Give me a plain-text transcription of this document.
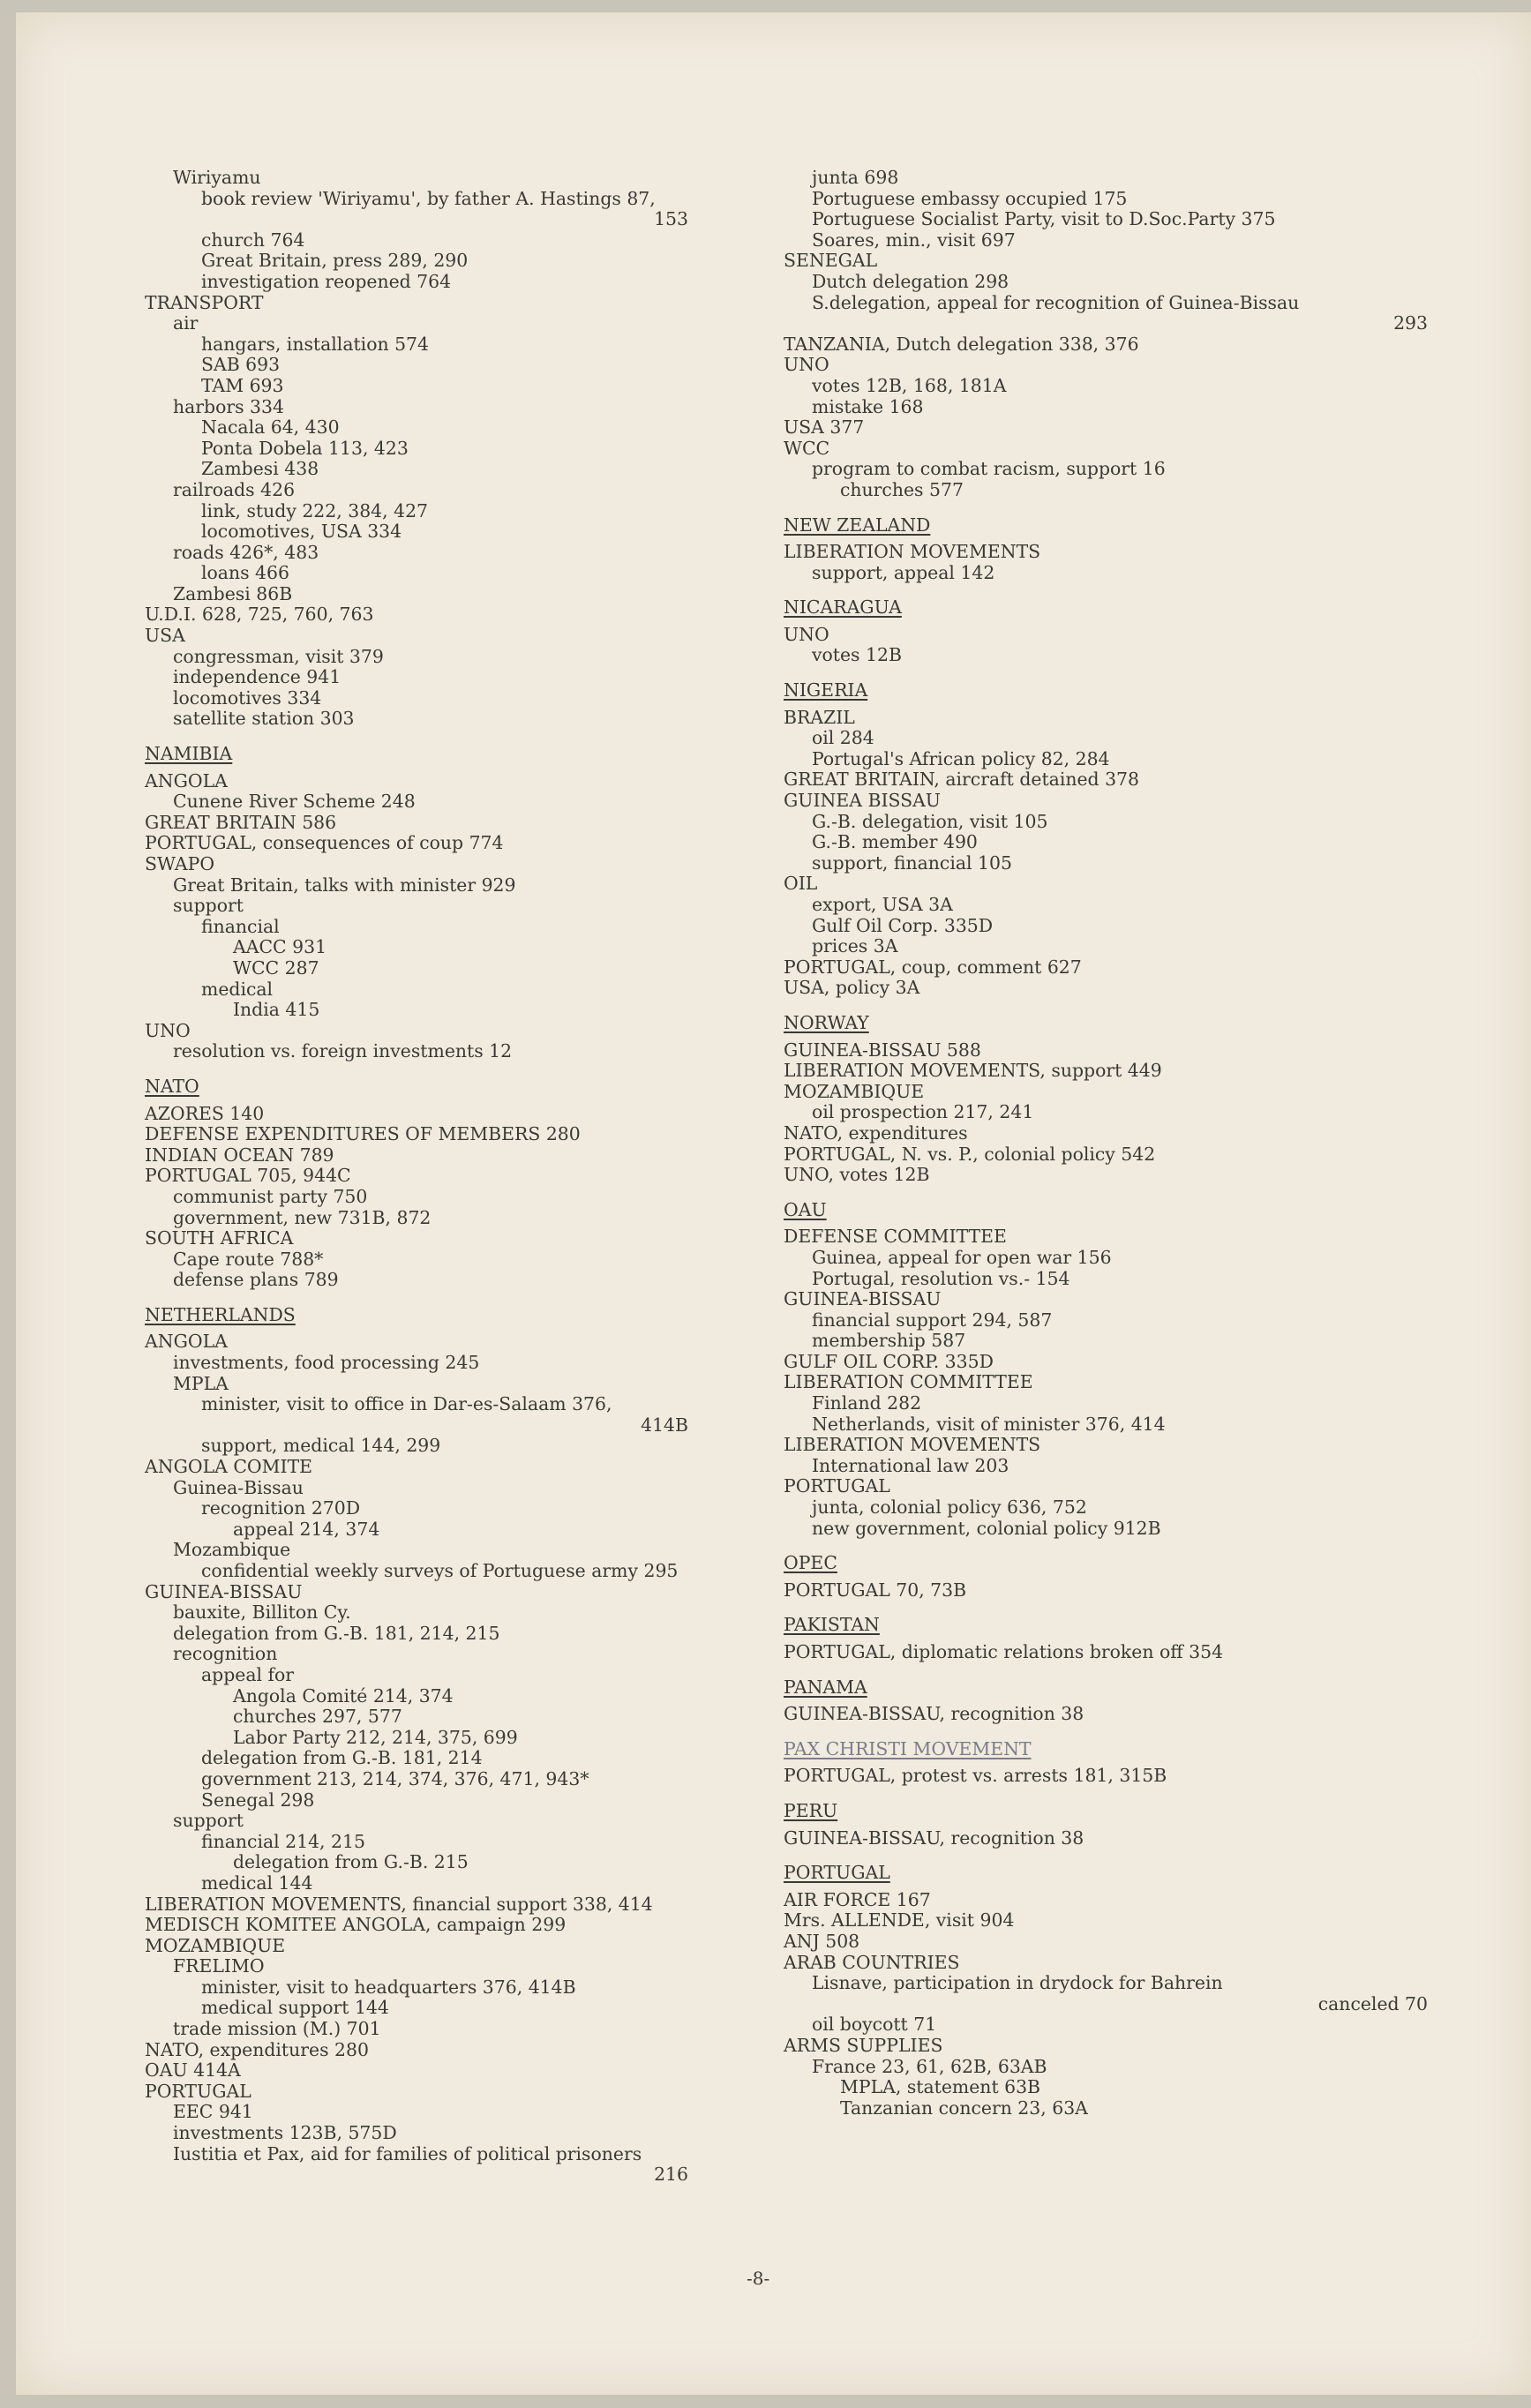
Wiriyamu
book review 'Wiriyamu', by father A. Hastings 87,
153
church 764
Great Britain, press 289, 290
investigation reopened 764
TRANSPORT
air
hangars, installation 574
SAB 693
TAM 693
harbors 334
Nacala 64, 430
Ponta Dobela 113, 423
Zambesi 438
railroads 426
link, study 222, 384, 427
locomotives, USA 334
roads 426*, 483
loans 466
Zambesi 86B
U.D.I. 628, 725, 760, 763
USA
congressman, visit 379
independence 941
locomotives 334
satellite station 303
NAMIBIA
ANGOLA
Cunene River Scheme 248
GREAT BRITAIN 586
PORTUGAL, consequences of coup 774
SWAPO
Great Britain, talks with minister 929
support
financial
AACC 931
WCC 287
medical
India 415
UNO
resolution vs. foreign investments 12
NATO
AZORES 140
DEFENSE EXPENDITURES OF MEMBERS 280
INDIAN OCEAN 789
PORTUGAL 705, 944C
communist party 750
government, new 731B, 872
SOUTH AFRICA
Cape route 788*
defense plans 789
NETHERLANDS
ANGOLA
investments, food processing 245
MPLA
minister, visit to office in Dar-es-Salaam 376,
414B
support, medical 144, 299
ANGOLA COMITE
Guinea-Bissau
recognition 270D
appeal 214, 374
Mozambique
confidential weekly surveys of Portuguese army 295
GUINEA-BISSAU
bauxite, Billiton Cy.
delegation from G.-B. 181, 214, 215
recognition
appeal for
Angola Comité 214, 374
churches 297, 577
Labor Party 212, 214, 375, 699
delegation from G.-B. 181, 214
government 213, 214, 374, 376, 471, 943*
Senegal 298
support
financial 214, 215
delegation from G.-B. 215
medical 144
LIBERATION MOVEMENTS, financial support 338, 414
MEDISCH KOMITEE ANGOLA, campaign 299
MOZAMBIQUE
FRELIMO
minister, visit to headquarters 376, 414B
medical support 144
trade mission (M.) 701
NATO, expenditures 280
OAU 414A
PORTUGAL
EEC 941
investments 123B, 575D
Iustitia et Pax, aid for families of political prisoners
216
junta 698
Portuguese embassy occupied 175
Portuguese Socialist Party, visit to D.Soc.Party 375
Soares, min., visit 697
SENEGAL
Dutch delegation 298
S.delegation, appeal for recognition of Guinea-Bissau
293
TANZANIA, Dutch delegation 338, 376
UNO
votes 12B, 168, 181A
mistake 168
USA 377
WCC
program to combat racism, support 16
churches 577
NEW ZEALAND
LIBERATION MOVEMENTS
support, appeal 142
NICARAGUA
UNO
votes 12B
NIGERIA
BRAZIL
oil 284
Portugal's African policy 82, 284
GREAT BRITAIN, aircraft detained 378
GUINEA BISSAU
G.-B. delegation, visit 105
G.-B. member 490
support, financial 105
OIL
export, USA 3A
Gulf Oil Corp. 335D
prices 3A
PORTUGAL, coup, comment 627
USA, policy 3A
NORWAY
GUINEA-BISSAU 588
LIBERATION MOVEMENTS, support 449
MOZAMBIQUE
oil prospection 217, 241
NATO, expenditures
PORTUGAL, N. vs. P., colonial policy 542
UNO, votes 12B
OAU
DEFENSE COMMITTEE
Guinea, appeal for open war 156
Portugal, resolution vs.- 154
GUINEA-BISSAU
financial support 294, 587
membership 587
GULF OIL CORP. 335D
LIBERATION COMMITTEE
Finland 282
Netherlands, visit of minister 376, 414
LIBERATION MOVEMENTS
International law 203
PORTUGAL
junta, colonial policy 636, 752
new government, colonial policy 912B
OPEC
PORTUGAL 70, 73B
PAKISTAN
PORTUGAL, diplomatic relations broken off 354
PANAMA
GUINEA-BISSAU, recognition 38
PAX CHRISTI MOVEMENT
PORTUGAL, protest vs. arrests 181, 315B
PERU
GUINEA-BISSAU, recognition 38
PORTUGAL
AIR FORCE 167
Mrs. ALLENDE, visit 904
ANJ 508
ARAB COUNTRIES
Lisnave, participation in drydock for Bahrein
canceled 70
oil boycott 71
ARMS SUPPLIES
France 23, 61, 62B, 63AB
MPLA, statement 63B
Tanzanian concern 23, 63A
-8-
